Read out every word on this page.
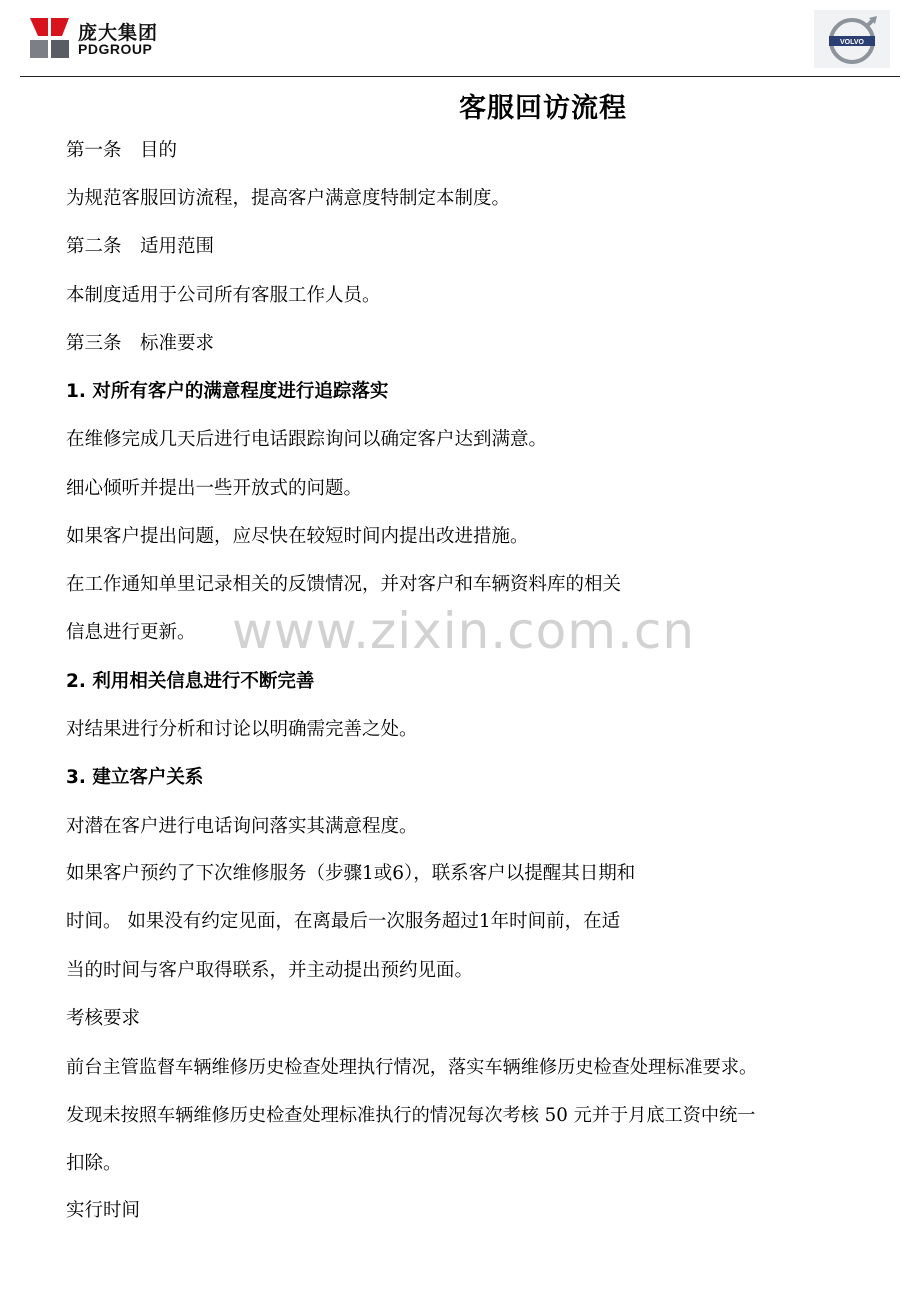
庞大集团
PDGROUP	VOLVO
客服回访流程

第一条　目的

为规范客服回访流程，提高客户满意度特制定本制度。

第二条　适用范围

本制度适用于公司所有客服工作人员。

第三条　标准要求

1. 对所有客户的满意程度进行追踪落实

在维修完成几天后进行电话跟踪询问以确定客户达到满意。

细心倾听并提出一些开放式的问题。

如果客户提出问题，应尽快在较短时间内提出改进措施。

在工作通知单里记录相关的反馈情况，并对客户和车辆资料库的相关

信息进行更新。

2. 利用相关信息进行不断完善

对结果进行分析和讨论以明确需完善之处。

3. 建立客户关系

对潜在客户进行电话询问落实其满意程度。

如果客户预约了下次维修服务（步骤1或6），联系客户以提醒其日期和

时间。 如果没有约定见面，在离最后一次服务超过1年时间前，在适

当的时间与客户取得联系，并主动提出预约见面。

考核要求

前台主管监督车辆维修历史检查处理执行情况，落实车辆维修历史检查处理标准要求。

发现未按照车辆维修历史检查处理标准执行的情况每次考核 50 元并于月底工资中统一

扣除。

实行时间

www.zixin.com.cn
